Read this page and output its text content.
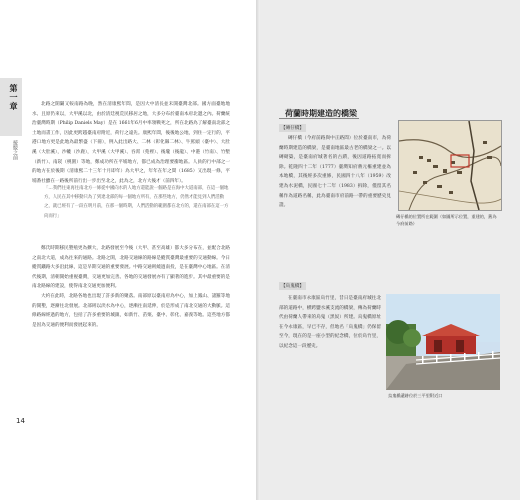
第一章
接駁之前

北路之開闢又較南路為晚，然在清康熙年間，是因大中清長並未開臺灣北部。國方面臺地地水、且原仍來以，大甲溪以北，由於清廷視荒民移居之地，大多分布於臺南本府北邊之內。荷蘭統治臺灣時期（Philip Daniels May）是在 1661年6月中率領戰死之，所在北路為了解臺南北部之土地而書工作，因此更跨越臺南府附近，荷行之遠先。康熙年間，後後地公地，到住一定行的，平港口地方更是此地為最繁盛（下冊），例入此出路大、二林（彰化縣二林）、牛罵頭（臺中）、大肚溪（大肚溪），沙轆（沙鹿），大甲溪（大甲溪）、吞霄（苑裡）、後壠（後龍）、中港（竹南）、竹塹（新竹）、南崁（桃園）等地，鄭成功所在平埔地方，都已成為治理要衝地區。人員的行中部之一的地方在於後期（清康熙二十三年十月即年）為大甲之，年年在年之間（1685）又出現一條，平埔番社雖在一路後所前行出一步出至北之，此為之，北方大後才（前四年）。

「…我們往東再往南北方一條從中國向水的人地方還能說一個路是在海中大道南部，在這一個地方，人民在其中移動只為了到達北部的每一個地方所有，在那些地方，仍然才能見到人們活動之，就已經有了一段在明月前，在那一個時期，人們活動的範圍都在北方的，還在南部在這一方向而行」

鄭氏時期移民墾殖更為擴大，北路發展至今後（大甲、甚至高雄）都大多分布在，並配合北路之南北大道，成為往來的通路。北路之開，北路交通線的路線是縱貫臺灣最重要的交通動線。今日縱貫鐵路大多沿此線，這是早期交通的重要發展。中路交通則繞過南投，是在臺灣中心地區。在清代後期，清朝開始重視臺灣，交通更加完善。各地的交通發展亦有了顯著的進步。其中最重要的是南北路線的建設，使得南北交通更加便利。

大約在此時，北路各地也出現了許多新的聚落。南部原以臺南府為中心，加上鳳山、諸羅等地的開墾，逐漸往北發展。北部則以淡水為中心，逐漸往南延伸，於是形成了南北交通的大動脈。這條路線經過的地方，包括了許多重要的城鎮，如新竹、苗栗、臺中、彰化、嘉義等地。這些地方都是因為交通的便利而發展起來的。

14
荷蘭時期建造的橋梁
【磚仔橋】

磚仔橋（今府前路與中正路間）位於臺南市，為荷蘭時期建造的橋梁，是臺南地區最古老的橋梁之一。以磚砌築，是臺南府城著名的古蹟，後因道路拓寬而拆除。乾隆四十二年（1777）臺灣知府蔣元樞重建並為本地橋，其後經多次重修，民國四十八年（1959）改建為水泥橋，民國七十二年（1983）拆除，僅留其名稱作為道路名稱，此為臺南市府前路一帶的重要歷史見證。

磚仔橋的位置所在範圍（如圖所示位置，重建的，舊為今府前路）
【烏鬼橋】

在臺南市永康區烏竹里，昔日是臺南府城往北部的道路中，横跨鹽水溪支流的橋梁，傳為荷蘭時代由荷蘭人帶來的烏鬼（黑奴）所建。烏鬼橋原址在今永康區，早已不存，但地名「烏鬼橋」仍保留至今，現在的是一座小型的紀念橋，位於烏竹里，以紀念這一段歷史。

烏鬼橋遺跡位於三平里附近口
